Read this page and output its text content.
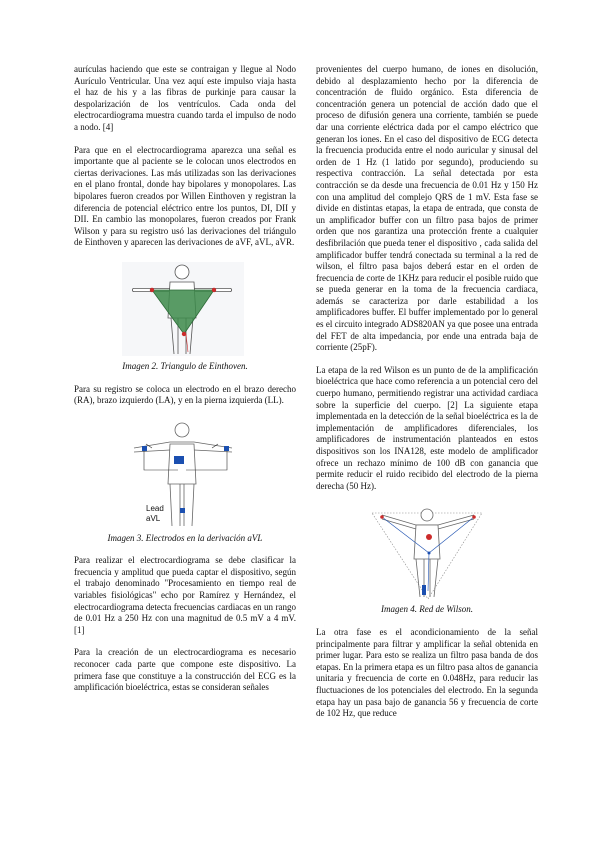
aurículas haciendo que este se contraigan y llegue al Nodo Aurículo Ventricular. Una vez aquí este impulso viaja hasta el haz de his y a las fibras de purkinje para causar la despolarización de los ventrículos. Cada onda del electrocardiograma muestra cuando tarda el impulso de nodo a nodo. [4]

Para que en el electrocardiograma aparezca una señal es importante que al paciente se le colocan unos electrodos en ciertas derivaciones. Las más utilizadas son las derivaciones en el plano frontal, donde hay bipolares y monopolares. Las bipolares fueron creados por Willen Einthoven y registran la diferencia de potencial eléctrico entre los puntos, DI, DII y DII. En cambio las monopolares, fueron creados por Frank Wilson y para su registro usó las derivaciones del triángulo de Einthoven y aparecen las derivaciones de aVF, aVL, aVR.

Imagen 2. Triangulo de Einthoven.

Para su registro se coloca un electrodo en el brazo derecho (RA), brazo izquierdo (LA), y en la pierna izquierda (LL).

Lead aVL
Imagen 3. Electrodos en la derivación aVL

Para realizar el electrocardiograma se debe clasificar la frecuencia y amplitud que pueda captar el dispositivo, según el trabajo denominado "Procesamiento en tiempo real de variables fisiológicas" echo por Ramírez y Hernández, el electrocardiograma detecta frecuencias cardiacas en un rango de 0.01 Hz a 250 Hz con una magnitud de 0.5 mV a 4 mV. [1]

Para la creación de un electrocardiograma es necesario reconocer cada parte que compone este dispositivo. La primera fase que constituye a la construcción del ECG es la amplificación bioeléctrica, estas se consideran señales

provenientes del cuerpo humano, de iones en disolución, debido al desplazamiento hecho por la diferencia de concentración de fluido orgánico. Esta diferencia de concentración genera un potencial de acción dado que el proceso de difusión genera una corriente, también se puede dar una corriente eléctrica dada por el campo eléctrico que generan los iones. En el caso del dispositivo de ECG detecta la frecuencia producida entre el nodo auricular y sinusal del orden de 1 Hz (1 latido por segundo), produciendo su respectiva contracción. La señal detectada por esta contracción se da desde una frecuencia de 0.01 Hz y 150 Hz con una amplitud del complejo QRS de 1 mV. Esta fase se divide en distintas etapas, la etapa de entrada, que consta de un amplificador buffer con un filtro pasa bajos de primer orden que nos garantiza una protección frente a cualquier desfibrilación que pueda tener el dispositivo , cada salida del amplificador buffer tendrá conectada su terminal a la red de wilson, el filtro pasa bajos deberá estar en el orden de frecuencia de corte de 1KHz para reducir el posible ruido que se pueda generar en la toma de la frecuencia cardiaca, además se caracteriza por darle estabilidad a los amplificadores buffer. El buffer implementado por lo general es el circuito integrado ADS820AN ya que posee una entrada del FET de alta impedancia, por ende una entrada baja de corriente (25pF).

La etapa de la red Wilson es un punto de de la amplificación bioeléctrica que hace como referencia a un potencial cero del cuerpo humano, permitiendo registrar una actividad cardiaca sobre la superficie del cuerpo. [2] La siguiente etapa implementada en la detección de la señal bioeléctrica es la de implementación de amplificadores diferenciales, los amplificadores de instrumentación planteados en estos dispositivos son los INA128, este modelo de amplificador ofrece un rechazo mínimo de 100 dB con ganancia que permite reducir el ruido recibido del electrodo de la pierna derecha (50 Hz).

Imagen 4. Red de Wilson.

La otra fase es el acondicionamiento de la señal principalmente para filtrar y amplificar la señal obtenida en primer lugar. Para esto se realiza un filtro pasa banda de dos etapas. En la primera etapa es un filtro pasa altos de ganancia unitaria y frecuencia de corte en 0.048Hz, para reducir las fluctuaciones de los potenciales del electrodo. En la segunda etapa hay un pasa bajo de ganancia 56 y frecuencia de corte de 102 Hz, que reduce
